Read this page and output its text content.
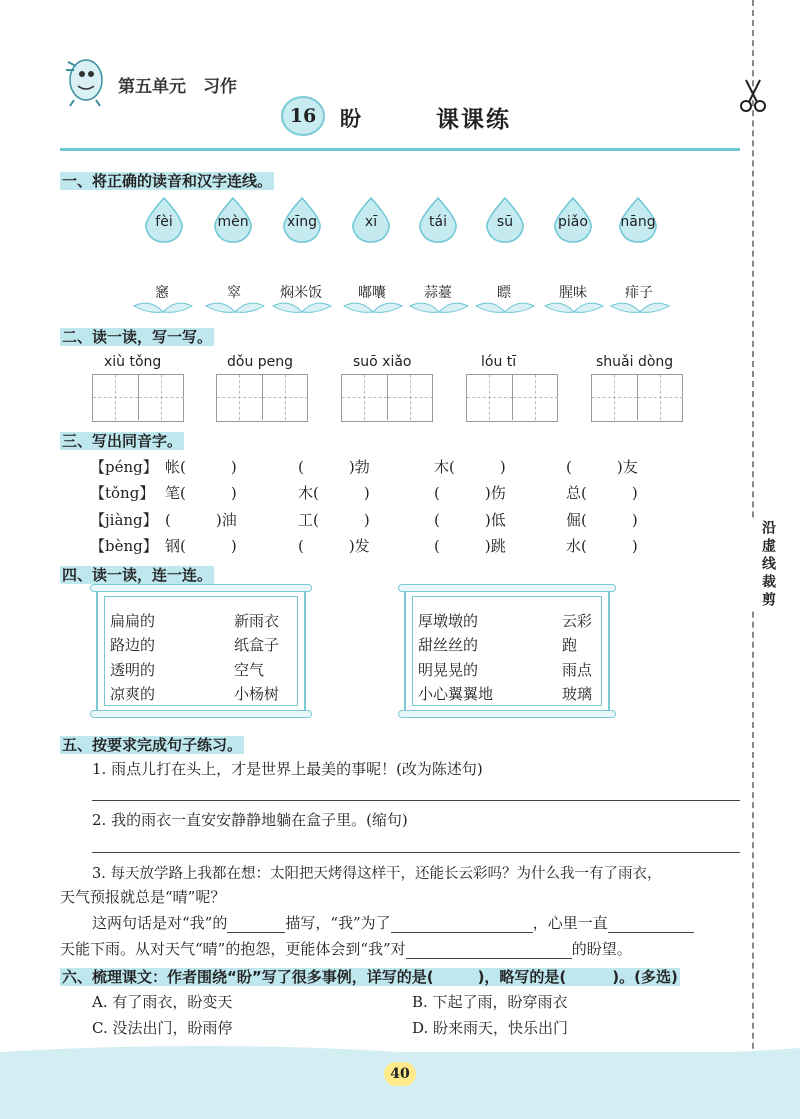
第五单元　习作
16	盼	课课练
沿虚线裁剪
一、将正确的读音和汉字连线。
fèi	mèn	xīng	xī	tái	sū	piǎo	nāng
窸	窣	焖米饭	嘟囔	蒜薹	瞟	腥味	痱子
二、读一读，写一写。
xiù tǒng	dǒu peng	suō xiǎo	lóu tī	shuǎi dòng
三、写出同音字。
【péng】 帐(　　　)	(　　　)勃	木(　　　)	(　　　)友
【tǒng】 笔(　　　)	木(　　　)	(　　　)伤	总(　　　)
【jiàng】 (　　　)油	工(　　　)	(　　　)低	倔(　　　)
【bèng】 钢(　　　)	(　　　)发	(　　　)跳	水(　　　)
四、读一读，连一连。
扁扁的
路边的
透明的
凉爽的
新雨衣
纸盒子
空气
小杨树
厚墩墩的
甜丝丝的
明晃晃的
小心翼翼地
云彩
跑
雨点
玻璃
五、按要求完成句子练习。
1. 雨点儿打在头上，才是世界上最美的事呢！(改为陈述句)
2. 我的雨衣一直安安静静地躺在盒子里。(缩句)
3. 每天放学路上我都在想：太阳把天烤得这样干，还能长云彩吗？为什么我一有了雨衣，
天气预报就总是“晴”呢？
这两句话是对“我”的	描写，“我”为了	，心里一直
天能下雨。从对天气“晴”的抱怨，更能体会到“我”对	的盼望。
六、梳理课文：作者围绕“盼”写了很多事例，详写的是(	)，略写的是(	)。(多选)
A. 有了雨衣，盼变天	B. 下起了雨，盼穿雨衣
C. 没法出门，盼雨停	D. 盼来雨天，快乐出门
40
